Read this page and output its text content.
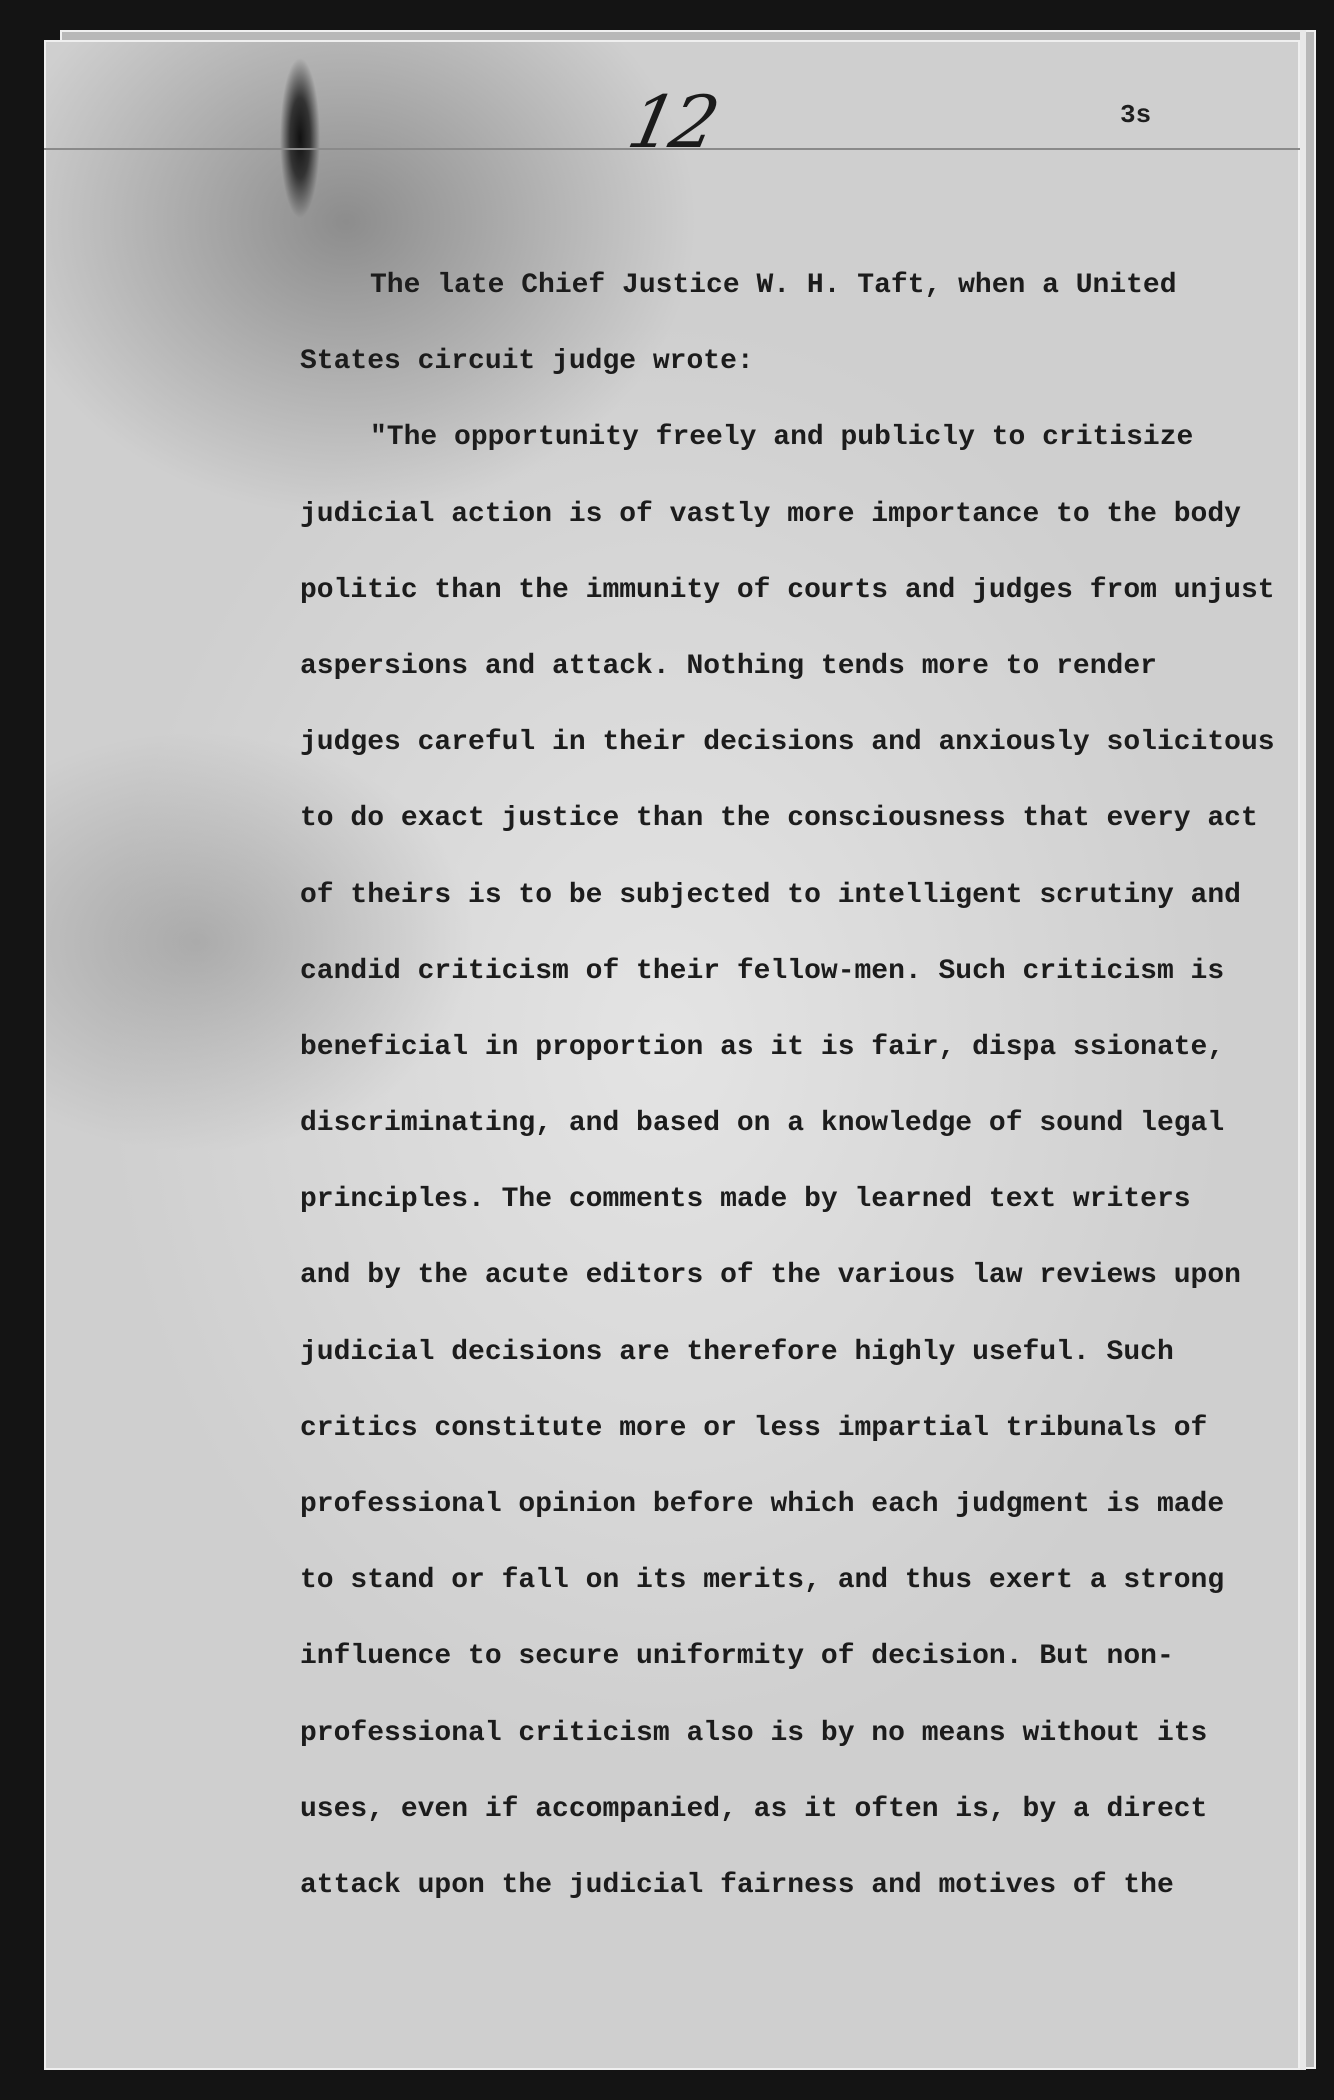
12	3s
The late Chief Justice W. H. Taft, when a United
States circuit judge wrote:
"The opportunity freely and publicly to critisize
judicial action is of vastly more importance to the body
politic than the immunity of courts and judges from unjust
aspersions and attack. Nothing tends more to render
judges careful in their decisions and anxiously solicitous
to do exact justice than the consciousness that every act
of theirs is to be subjected to intelligent scrutiny and
candid criticism of their fellow-men. Such criticism is
beneficial in proportion as it is fair, dispa ssionate,
discriminating, and based on a knowledge of sound legal
principles. The comments made by learned text writers
and by the acute editors of the various law reviews upon
judicial decisions are therefore highly useful. Such
critics constitute more or less impartial tribunals of
professional opinion before which each judgment is made
to stand or fall on its merits, and thus exert a strong
influence to secure uniformity of decision. But non-
professional criticism also is by no means without its
uses, even if accompanied, as it often is, by a direct
attack upon the judicial fairness and motives of the
